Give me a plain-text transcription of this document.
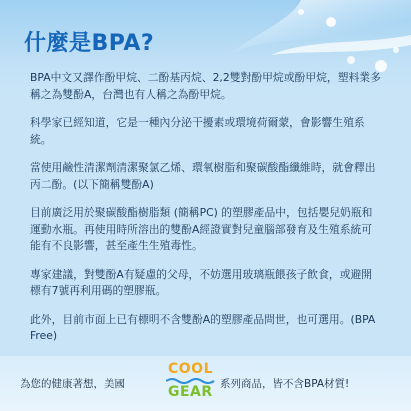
什麼是BPA?

BPA中文又譯作酚甲烷、二酚基丙烷、2,2雙對酚甲烷或酚甲烷，塑料業多稱之為雙酚A，台灣也有人稱之為酚甲烷。

科學家已經知道，它是一種內分泌干擾素或環境荷爾蒙，會影響生殖系統。

當使用鹼性清潔劑清潔聚氯乙烯、環氧樹脂和聚碳酸酯纖維時，就會釋出丙二酚。(以下簡稱雙酚A)

目前廣泛用於聚碳酸酯樹脂類 (簡稱PC) 的塑膠產品中，包括嬰兒奶瓶和運動水瓶。再使用時所溶出的雙酚A經證實對兒童腦部發育及生殖系統可能有不良影響，甚至產生生殖毒性。

專家建議，對雙酚A有疑慮的父母，不妨選用玻璃瓶餵孩子飲食，或避開標有7號再利用碼的塑膠瓶。

此外，目前市面上已有標明不含雙酚A的塑膠產品問世，也可選用。(BPA Free)

為您的健康著想，美國
COOL
GEAR 系列商品，皆不含BPA材質!
